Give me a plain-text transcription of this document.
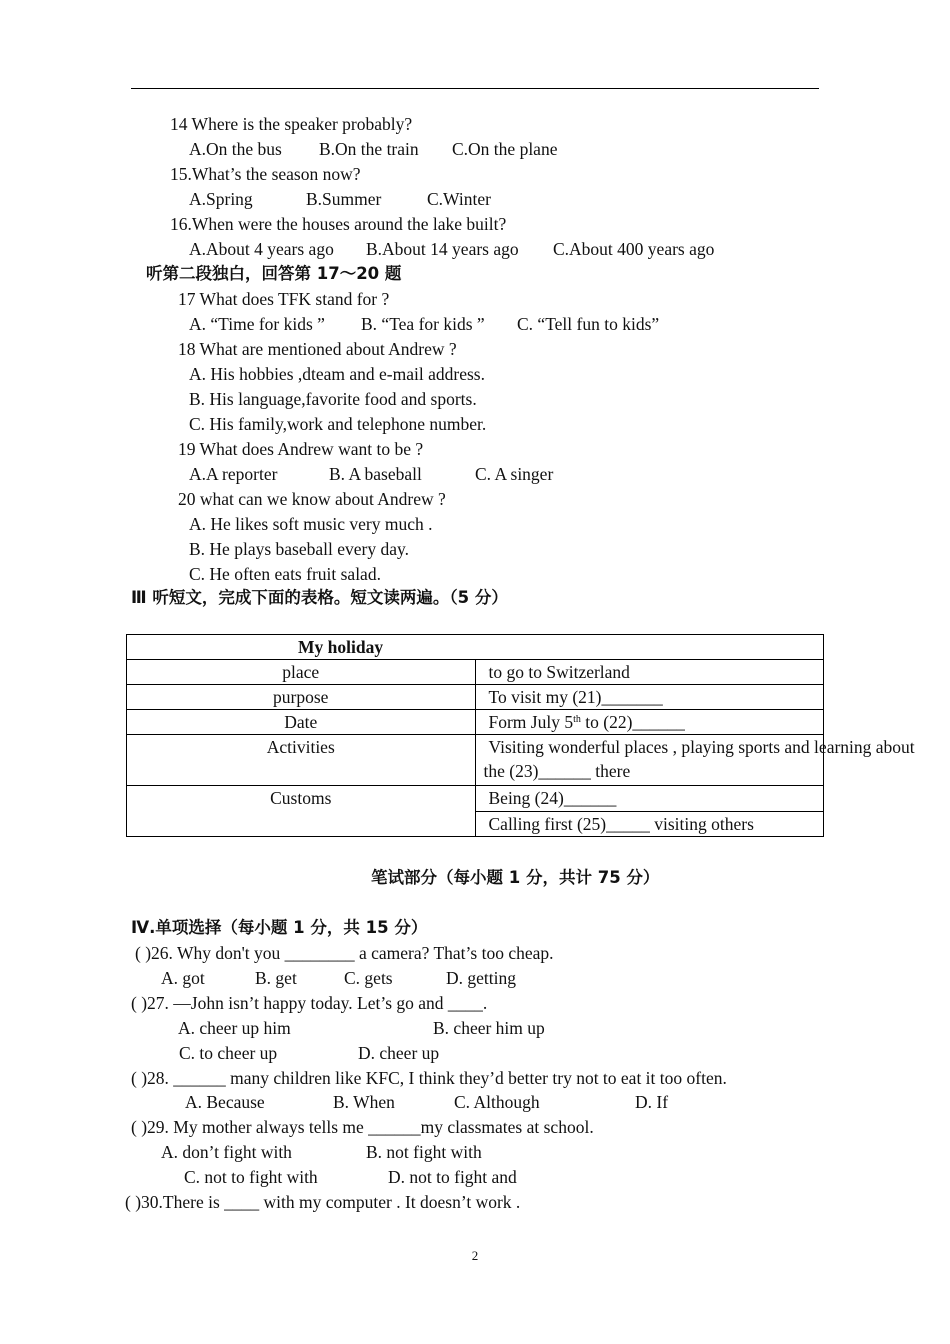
14 Where is the speaker probably?
A.On the bus B.On the train C.On the plane
15.What’s the season now?
A.Spring	B.Summer	C.Winter
16.When were the houses around the lake built?
A.About 4 years ago B.About 14 years ago C.About 400 years ago
听第二段独白，回答第 17～20 题
17 What does TFK stand for ?
A. “Time for kids ” B. “Tea for kids ” C. “Tell fun to kids”
18 What are mentioned about Andrew ?
A. His hobbies ,dteam and e-mail address.
B. His language,favorite food and sports.
C. His family,work and telephone number.
19 What does Andrew want to be ?
A.A reporter	B. A baseball	C. A singer
20 what can we know about Andrew ?
A. He likes soft music very much .
B. He plays baseball every day.
C. He often eats fruit salad.
Ⅲ 听短文，完成下面的表格。短文读两遍。（5 分）
My holiday	
place	to go to Switzerland
purpose	To visit my (21)_______
Date	Form July 5th to (22)______
Activities	Visiting wonderful places , playing sports and learning about
the (23)______ there

Customs	Being (24)______
	Calling first (25)_____ visiting others
笔试部分（每小题 1 分，共计 75 分）
Ⅳ.单项选择（每小题 1 分，共 15 分）
( )26. Why don't you ________ a camera? That’s too cheap.
A. got	B. get	C. gets	D. getting
( )27. —John isn’t happy today. Let’s go and ____.
A. cheer up him	B. cheer him up
C. to cheer up	D. cheer up
( )28. ______ many children like KFC, I think they’d better try not to eat it too often.
A. Because	B. When	C. Although	D. If
( )29. My mother always tells me ______my classmates at school.
A. don’t fight with	B. not fight with
C. not to fight with	D. not to fight and
( )30.There is ____ with my computer . It doesn’t work .
2
